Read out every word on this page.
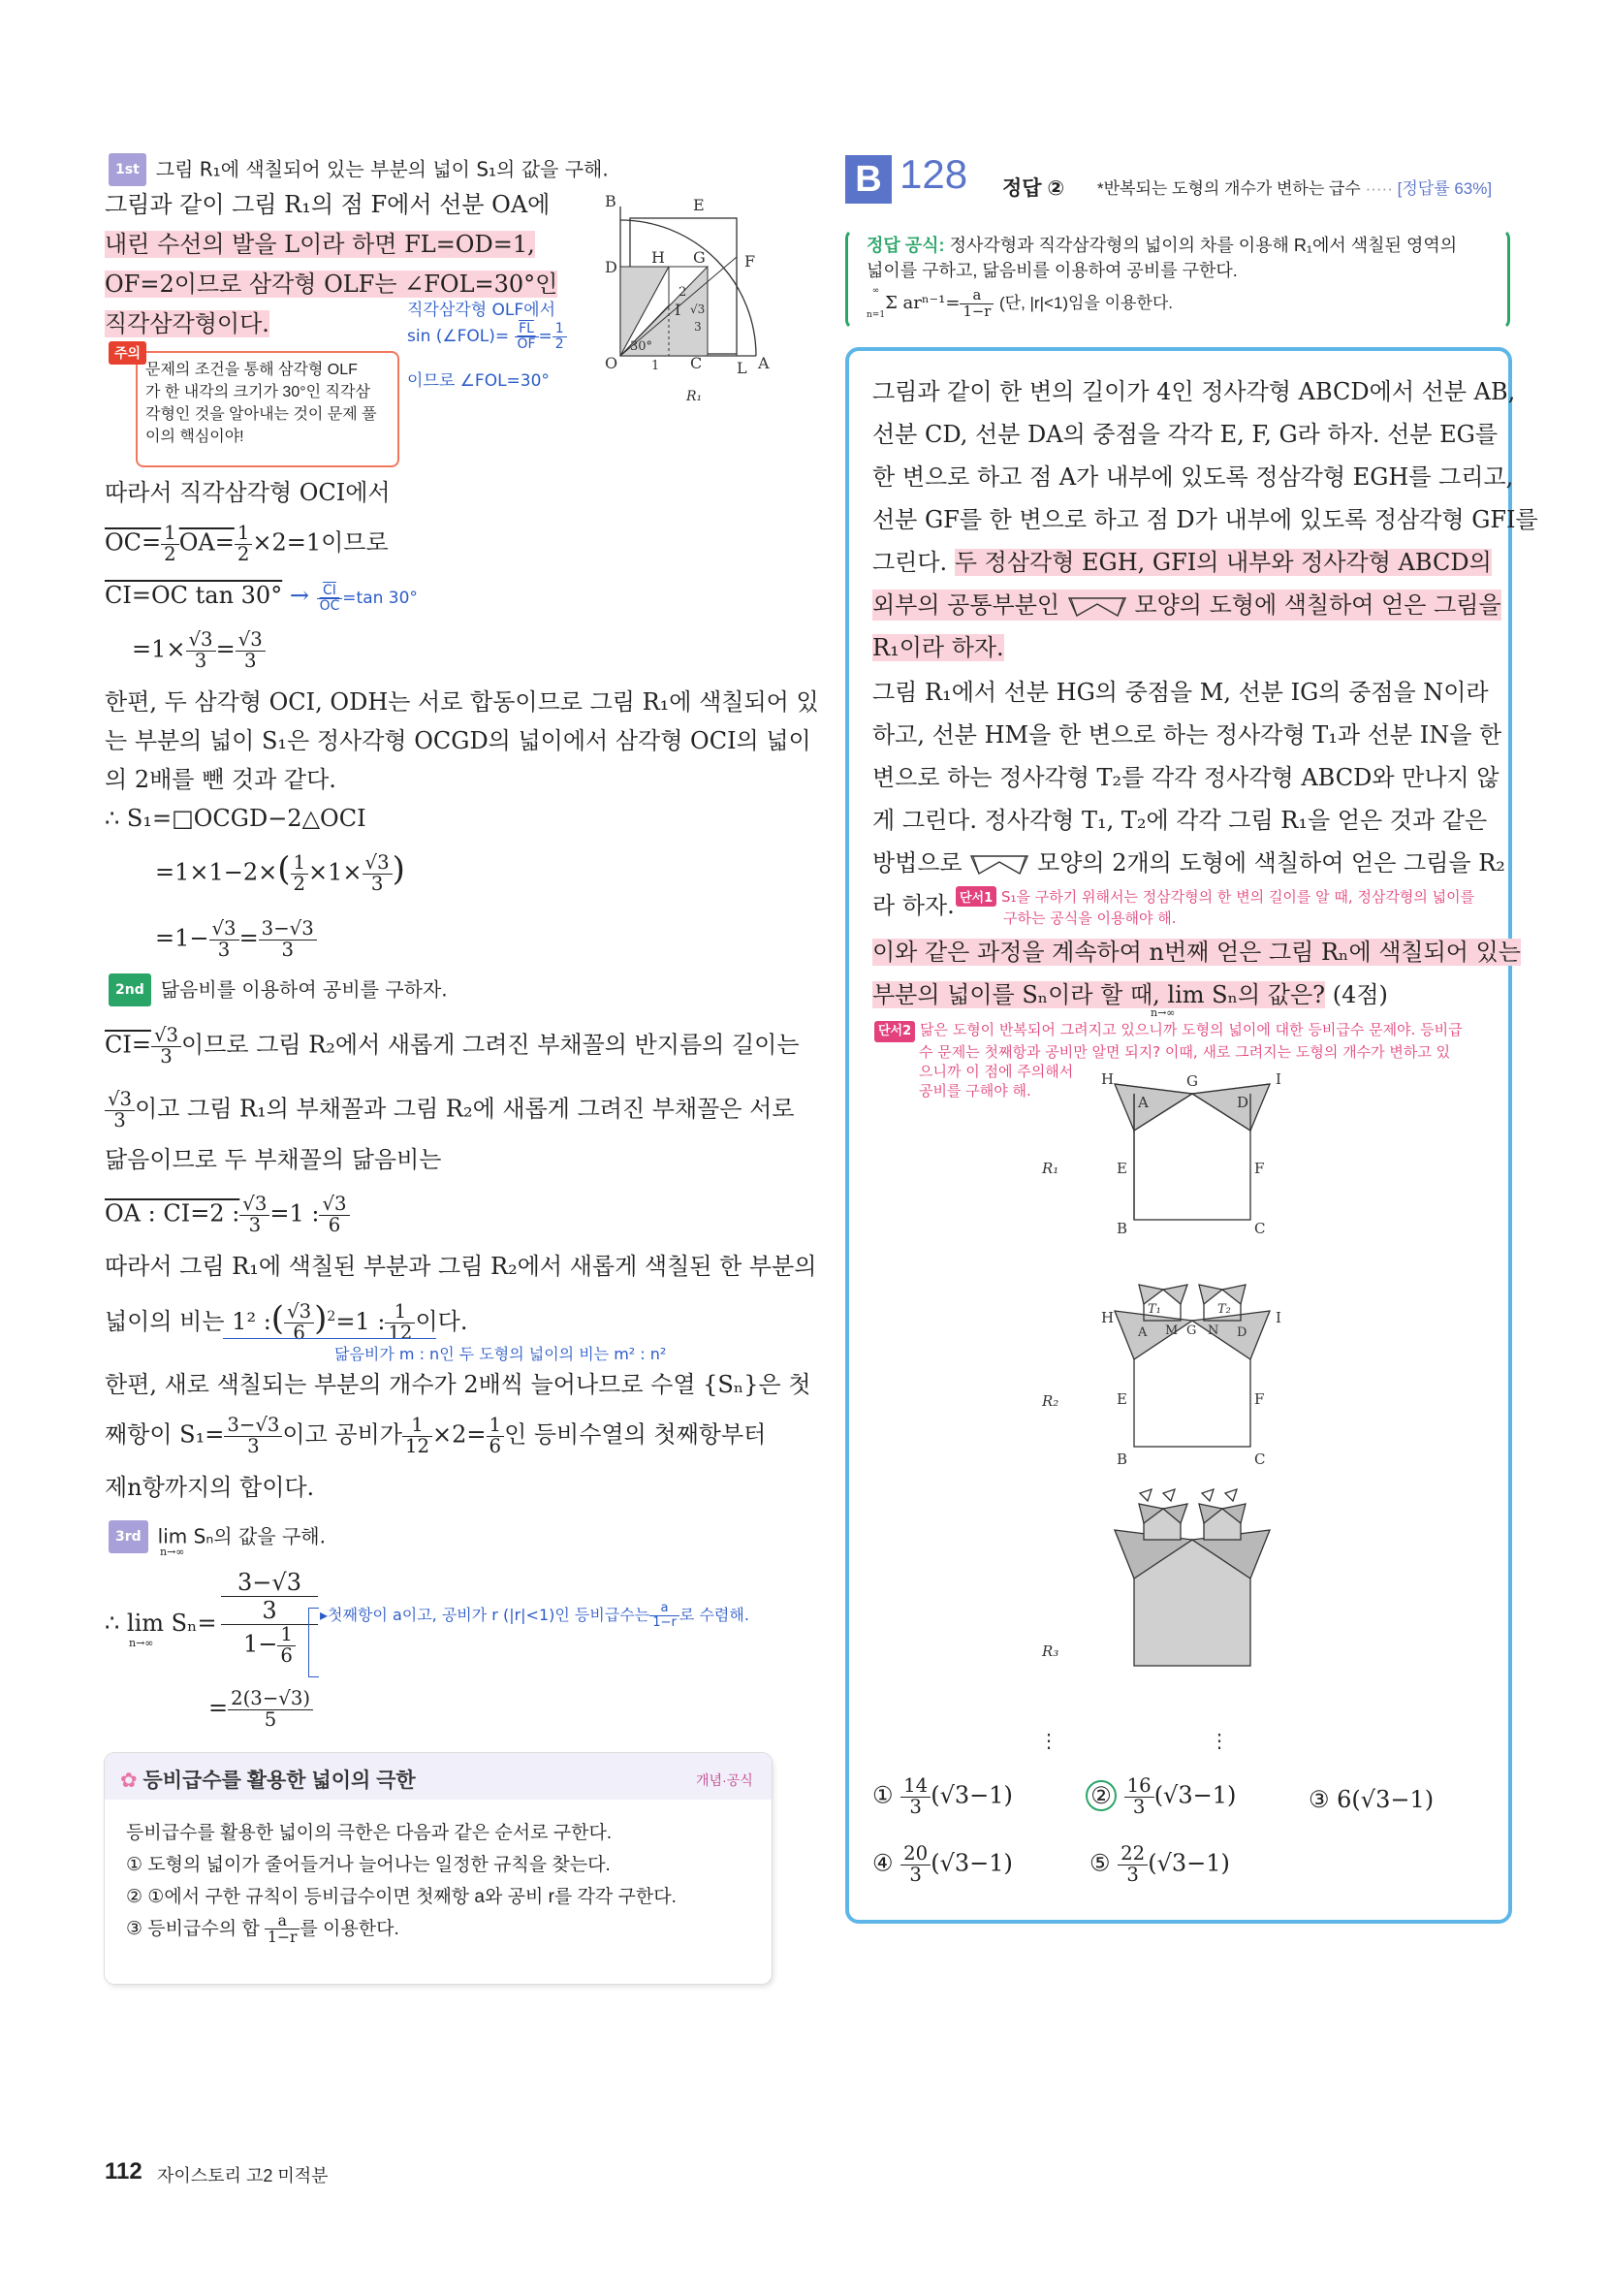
1st 그림 R₁에 색칠되어 있는 부분의 넓이 S₁의 값을 구해.
그림과 같이 그림 R₁의 점 F에서 선분 OA에
내린 수선의 발을 L이라 하면 FL=OD=1,
OF=2이므로 삼각형 OLF는 ∠FOL=30°인
직각삼각형이다.	직각삼각형 OLF에서
sin (∠FOL)= $\frac{\overline{FL}}{OF} = \frac{1}{2}$
이므로 ∠FOL=30°
주의
문제의 조건을 통해 삼각형 OLF
가 한 내각의 크기가 30°인 직각삼
각형인 것을 알아내는 것이 문제 풀
이의 핵심이야!
B	E
H G	F
D
I
O	C L A
30°
2
1
√3
3
R₁
따라서 직각삼각형 OCI에서
$OC= \frac{1}{2} OA= \frac{1}{2} \times 2=1$이므로
CI=OC $\tan 30^\circ \to \frac{\overline{CI}}{OC} =\tan$ 30°
$=1\times \frac{√3}{3} = \frac{√3}{3}$
한편, 두 삼각형 OCI, ODH는 서로 합동이므로 그림 R₁에 색칠되어 있
는 부분의 넓이 S₁은 정사각형 OCGD의 넓이에서 삼각형 OCI의 넓이
의 2배를 뺀 것과 같다.
∴ S₁=□OCGD−2△OCI
$=1\times 1-2\times( \frac{1}{2} \times 1\times \frac{√3}{3}$ )
$=1- \frac{√3}{3} = \frac{3-√3}{3}$
2nd 닮음비를 이용하여 공비를 구하자.
$CI= \frac{√3}{3}$ 이므로 그림 R₂에서 새롭게 그려진 부채꼴의 반지름의 길이는
$\frac{√3}{3}$ 이고 그림 R₁의 부채꼴과 그림 R₂에 새롭게 그려진 부채꼴은 서로
닮음이므로 두 부채꼴의 닮음비는
OA : CI=2 : $\frac{√3}{3} =1$ : $\frac{√3}{6}$
따라서 그림 R₁에 색칠된 부분과 그림 R₂에서 새롭게 색칠된 한 부분의
넓이의 비는 1² :( $\frac{√3}{6} )^2=1$ : $\frac{1}{12}$ 이다.
닮음비가 m : n인 두 도형의 넓이의 비는 m² : n²
한편, 새로 색칠되는 부분의 개수가 2배씩 늘어나므로 수열 {Sₙ}은 첫
째항이 $S_1= \frac{3-√3}{3}$ 이고 공비가 $\frac{1}{12} \times 2= \frac{1}{6}$ 인 등비수열의 첫째항부터
제n항까지의 합이다.
3rd lim Sₙ의 값을 구해.
n→∞
∴ lim Sₙ=
n→∞	3−√3
3
$1- \frac{1}{6}$ ▸첫째항이 a이고, 공비가 r (|r|<1)인 등비급수는 $\frac{a}{1-r}$ 로 수렴해.
= $\frac{2(3-√3)}{5}$
✿ 등비급수를 활용한 넓이의 극한	개념·공식
등비급수를 활용한 넓이의 극한은 다음과 같은 순서로 구한다.
① 도형의 넓이가 줄어들거나 늘어나는 일정한 규칙을 찾는다.
② ①에서 구한 규칙이 등비급수이면 첫째항 a와 공비 r를 각각 구한다.
③ 등비급수의 합 $\frac{a}{1-r}$ 를 이용한다.
112 자이스토리 고2 미적분
B 128 정답 ② *반복되는 도형의 개수가 변하는 급수 ····· [정답률 63%]
정답 공식: 정사각형과 직각삼각형의 넓이의 차를 이용해 R₁에서 색칠된 영역의
넓이를 구하고, 닮음비를 이용하여 공비를 구한다.
∞
n=1
Σ $ar^{n-1}= \frac{a}{1-r}$ (단, |r|<1)임을 이용한다.
그림과 같이 한 변의 길이가 4인 정사각형 ABCD에서 선분 AB,
선분 CD, 선분 DA의 중점을 각각 E, F, G라 하자. 선분 EG를
한 변으로 하고 점 A가 내부에 있도록 정삼각형 EGH를 그리고,
선분 GF를 한 변으로 하고 점 D가 내부에 있도록 정삼각형 GFI를
그린다. 두 정삼각형 EGH, GFI의 내부와 정사각형 ABCD의
외부의 공통부분인	모양의 도형에 색칠하여 얻은 그림을
R₁이라 하자.
그림 R₁에서 선분 HG의 중점을 M, 선분 IG의 중점을 N이라
하고, 선분 HM을 한 변으로 하는 정사각형 T₁과 선분 IN을 한
변으로 하는 정사각형 T₂를 각각 정사각형 ABCD와 만나지 않
게 그린다. 정사각형 T₁, T₂에 각각 그림 R₁을 얻은 것과 같은
방법으로	모양의 2개의 도형에 색칠하여 얻은 그림을 R₂
라 하자. 단서1 S₁을 구하기 위해서는 정삼각형의 한 변의 길이를 알 때, 정삼각형의 넓이를
구하는 공식을 이용해야 해.
이와 같은 과정을 계속하여 n번째 얻은 그림 Rₙ에 색칠되어 있는
부분의 넓이를 Sₙ이라 할 때, lim Sₙ의 값은? (4점)
n→∞
단서2 닮은 도형이 반복되어 그려지고 있으니까 도형의 넓이에 대한 등비급수 문제야. 등비급
수 문제는 첫째항과 공비만 알면 되지? 이때, 새로 그려지는 도형의 개수가 변하고 있
으니까 이 점에 주의해서
공비를 구해야 해.
H	G	I
A	D
E	F
B	C
R₁
H	T₁	T₂
M G N
I
A	D
E	F
B	C
R₂
R₃
⋮	⋮
① $\frac{14}{3} (√3-1)$	② $\frac{16}{3} (√3-1)$	③ 6(√3−1)
④ $\frac{20}{3} (√3-1)$	⑤ $\frac{22}{3} (√3-1)$
